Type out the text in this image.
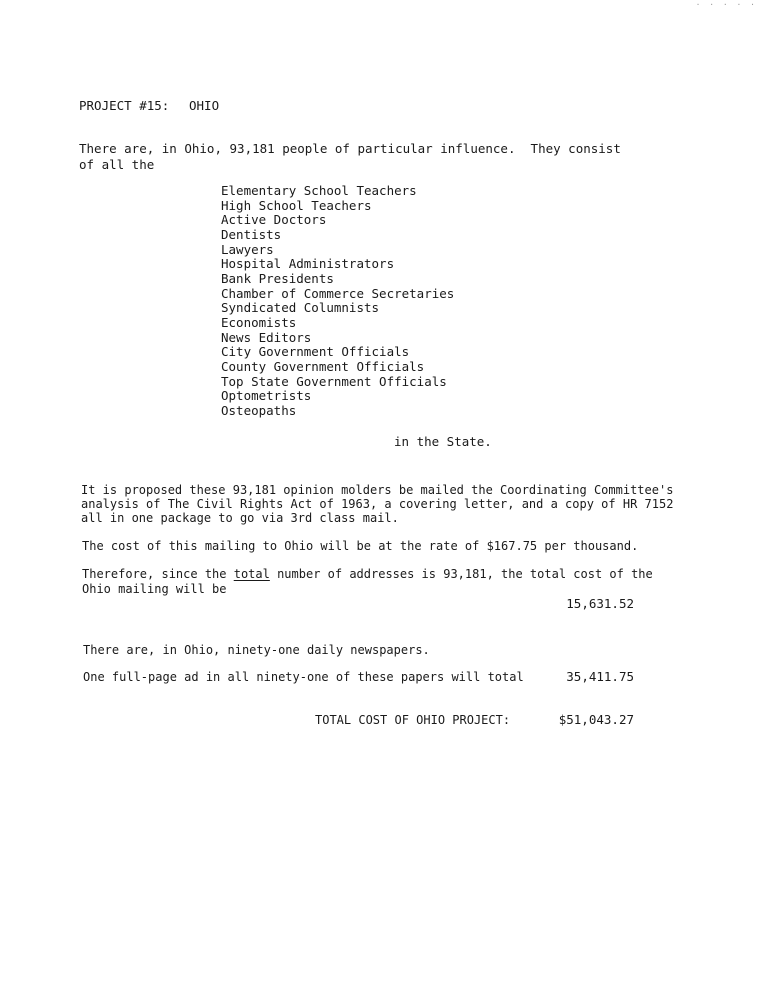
· · · · ·
PROJECT #15: OHIO
There are, in Ohio, 93,181 people of particular influence.  They consist
of all the
Elementary School Teachers
High School Teachers
Active Doctors
Dentists
Lawyers
Hospital Administrators
Bank Presidents
Chamber of Commerce Secretaries
Syndicated Columnists
Economists
News Editors
City Government Officials
County Government Officials
Top State Government Officials
Optometrists
Osteopaths
in the State.
It is proposed these 93,181 opinion molders be mailed the Coordinating Committee's
analysis of The Civil Rights Act of 1963, a covering letter, and a copy of HR 7152
all in one package to go via 3rd class mail.
The cost of this mailing to Ohio will be at the rate of $167.75 per thousand.
Therefore, since the total number of addresses is 93,181, the total cost of the
Ohio mailing will be
15,631.52
There are, in Ohio, ninety-one daily newspapers.
One full-page ad in all ninety-one of these papers will total	35,411.75
TOTAL COST OF OHIO PROJECT:	$51,043.27
